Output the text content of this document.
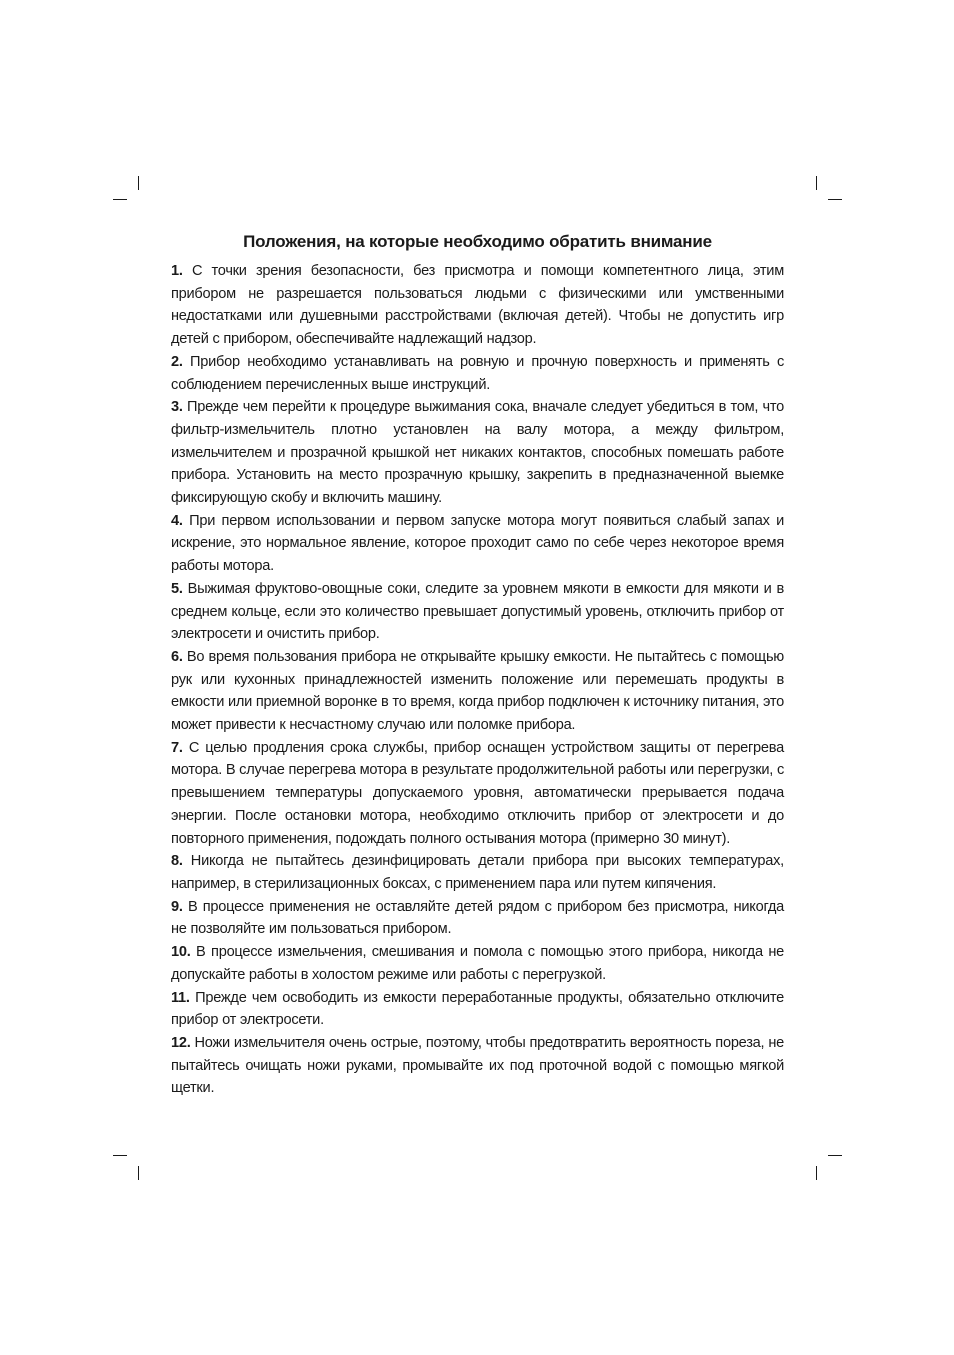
Положения, на которые необходимо обратить внимание

1. С точки зрения безопасности, без присмотра и помощи компетентного лица, этим прибором не разрешается пользоваться людьми с физическими или умственными недостатками или душевными расстройствами (включая детей). Чтобы не допустить игр детей с прибором, обеспечивайте надлежащий надзор.

2. Прибор необходимо устанавливать на ровную и прочную поверхность и применять с соблюдением перечисленных выше инструкций.

3. Прежде чем перейти к процедуре выжимания сока, вначале следует убедиться в том, что фильтр-измельчитель плотно установлен на валу мотора, а между фильтром, измельчителем и прозрачной крышкой нет никаких контактов, способных помешать работе прибора. Установить на место прозрачную крышку, закрепить в предназначенной выемке фиксирующую скобу и включить машину.

4. При первом использовании и первом запуске мотора могут появиться слабый запах и искрение, это нормальное явление, которое проходит само по себе через некоторое время работы мотора.

5. Выжимая фруктово-овощные соки, следите за уровнем мякоти в емкости для мякоти и в среднем кольце, если это количество превышает допустимый уровень, отключить прибор от электросети и очистить прибор.

6. Во время пользования прибора не открывайте крышку емкости. Не пытайтесь с помощью рук или кухонных принадлежностей изменить положение или перемешать продукты в емкости или приемной воронке в то время, когда прибор подключен к источнику питания, это может привести к несчастному случаю или поломке прибора.

7. С целью продления срока службы, прибор оснащен устройством защиты от перегрева мотора. В случае перегрева мотора в результате продолжительной работы или перегрузки, с превышением температуры допускаемого уровня, автоматически прерывается подача энергии. После остановки мотора, необходимо отключить прибор от электросети и до повторного применения, подождать полного остывания мотора (примерно 30 минут).

8. Никогда не пытайтесь дезинфицировать детали прибора при высоких температурах, например, в стерилизационных боксах, с применением пара или путем кипячения.

9. В процессе применения не оставляйте детей рядом с прибором без присмотра, никогда не позволяйте им пользоваться прибором.

10. В процессе измельчения, смешивания и помола с помощью этого прибора, никогда не допускайте работы в холостом режиме или работы с перегрузкой.

11. Прежде чем освободить из емкости переработанные продукты, обязательно отключите прибор от электросети.

12. Ножи измельчителя очень острые, поэтому, чтобы предотвратить вероятность пореза, не пытайтесь очищать ножи руками, промывайте их под проточной водой с помощью мягкой щетки.
